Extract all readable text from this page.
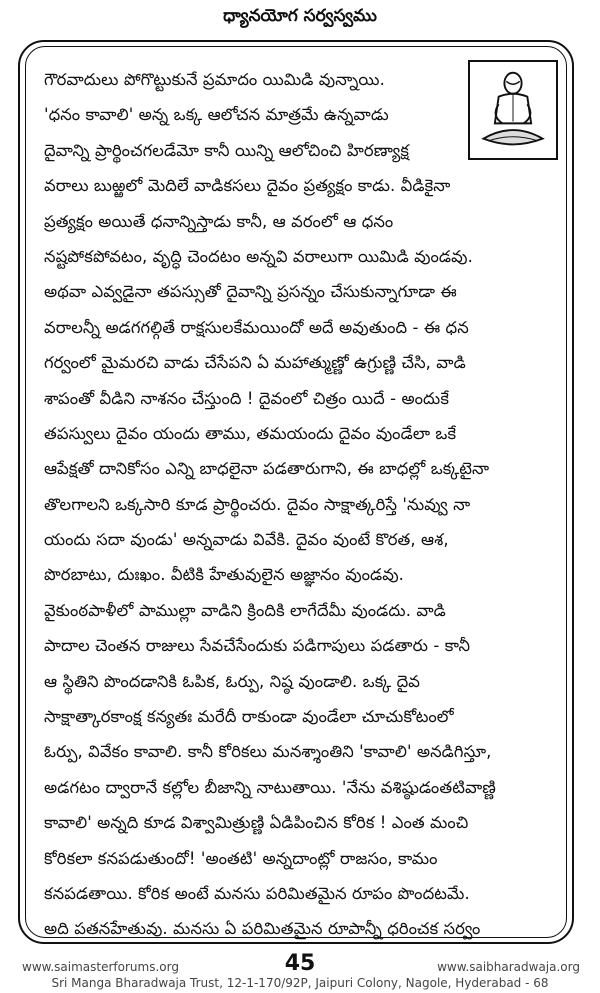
ధ్యానయోగ సర్వస్వము
గౌరవాదులు పోగొట్టుకునే ప్రమాదం యిమిడి వున్నాయి.
'ధనం కావాలి' అన్న ఒక్క ఆలోచన మాత్రమే ఉన్నవాడు
దైవాన్ని ప్రార్థించగలడేమో కానీ యిన్ని ఆలోచించి హిరణ్యాక్ష
వరాలు బుఱ్ఱలో మెదిలే వాడికసలు దైవం ప్రత్యక్షం కాడు. వీడికైనా
ప్రత్యక్షం అయితే ధనాన్నిస్తాడు కానీ, ఆ వరంలో ఆ ధనం
నష్టపోకపోవటం, వృద్ధి చెందటం అన్నవి వరాలుగా యిమిడి వుండవు.
అథవా ఎవ్వడైనా తపస్సుతో దైవాన్ని ప్రసన్నం చేసుకున్నాగూడా ఈ
వరాలన్నీ అడగగల్గితే రాక్షసులకేమయిందో అదే అవుతుంది - ఈ ధన
గర్వంలో మైమరచి వాడు చేసేపని ఏ మహాత్ముణ్ణో ఉగ్రుణ్ణి చేసి, వాడి
శాపంతో వీడిని నాశనం చేస్తుంది ! దైవంలో చిత్రం యిదే - అందుకే
తపస్వులు దైవం యందు తాము, తమయందు దైవం వుండేలా ఒకే
ఆపేక్షతో దానికోసం ఎన్ని బాధలైనా పడతారుగాని, ఈ బాధల్లో ఒక్కటైనా
తొలగాలని ఒక్కసారి కూడ ప్రార్థించరు. దైవం సాక్షాత్కరిస్తే 'నువ్వు నా
యందు సదా వుండు' అన్నవాడు వివేకి. దైవం వుంటే కొరత, ఆశ,
పొరబాటు, దుఃఖం. వీటికి హేతువులైన అజ్ఞానం వుండవు.
వైకుంఠపాళీలో పాముల్లా వాడిని క్రిందికి లాగేదేమీ వుండదు. వాడి
పాదాల చెంతన రాజులు సేవచేసేందుకు పడిగాపులు పడతారు - కానీ
ఆ స్థితిని పొందడానికి ఓపిక, ఓర్పు, నిష్ఠ వుండాలి. ఒక్క దైవ
సాక్షాత్కారకాంక్ష కన్యతః మరేదీ రాకుండా వుండేలా చూచుకోటంలో
ఓర్పు, వివేకం కావాలి. కానీ కోరికలు మనశ్శాంతిని 'కావాలి' అనడిగిస్తూ,
అడగటం ద్వారానే కల్లోల బీజాన్ని నాటుతాయి. 'నేను వశిష్ఠుడంతటివాణ్ణి
కావాలి' అన్నది కూడ విశ్వామిత్రుణ్ణి ఏడిపించిన కోరిక ! ఎంత మంచి
కోరికలా కనపడుతుందో! 'అంతటి' అన్నదాంట్లో రాజసం, కామం
కనపడతాయి. కోరిక అంటే మనసు పరిమితమైన రూపం పొందటమే.
అది పతనహేతువు. మనసు ఏ పరిమితమైన రూపాన్నీ ధరించక సర్వం
www.saimasterforums.org	45	www.saibharadwaja.org
Sri Manga Bharadwaja Trust, 12-1-170/92P, Jaipuri Colony, Nagole, Hyderabad - 68
